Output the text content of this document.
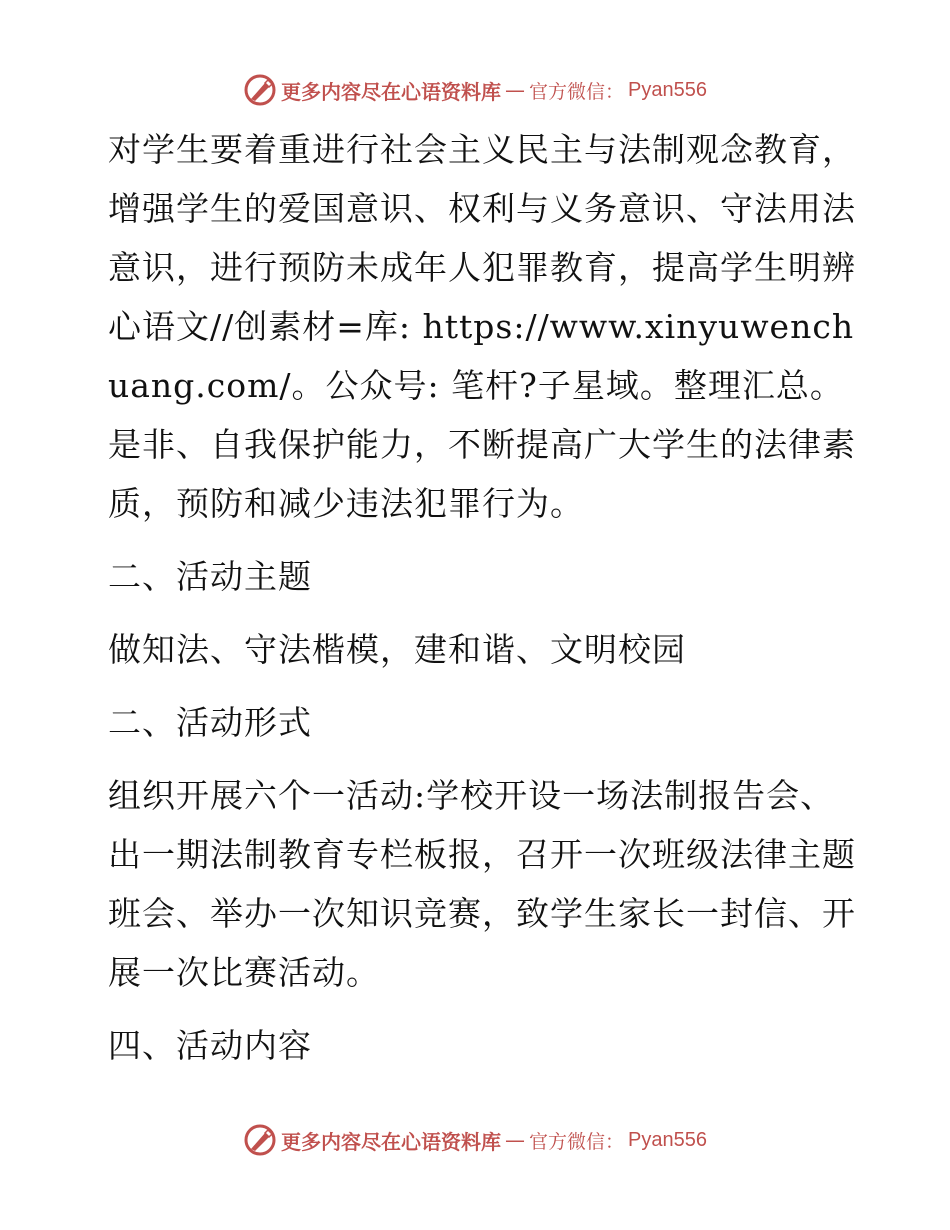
更多内容尽在心语资料库 — 官方微信： Pyan556

对学生要着重进行社会主义民主与法制观念教育，增强学生的爱国意识、权利与义务意识、守法用法意识，进行预防未成年人犯罪教育，提高学生明辨心语文//创素材=库: https://www.xinyuwenchuang.com/。公众号: 笔杆?子星域。整理汇总。是非、自我保护能力，不断提高广大学生的法律素质，预防和减少违法犯罪行为。

二、活动主题

做知法、守法楷模，建和谐、文明校园

二、活动形式

组织开展六个一活动:学校开设一场法制报告会、出一期法制教育专栏板报，召开一次班级法律主题班会、举办一次知识竞赛，致学生家长一封信、开展一次比赛活动。

四、活动内容

更多内容尽在心语资料库 — 官方微信： Pyan556
